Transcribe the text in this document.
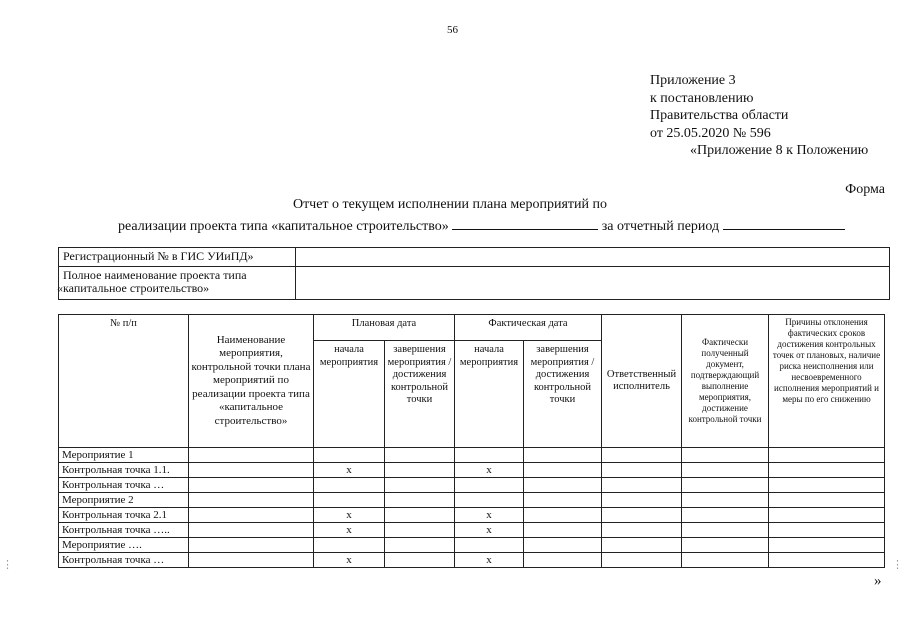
56
Приложение 3
к постановлению
Правительства области
от 25.05.2020 № 596
«Приложение 8 к Положению
Форма
Отчет о текущем исполнении плана мероприятий по
реализации проекта типа «капитальное строительство»	за отчетный период
Регистрационный № в ГИС УИиПД»	

Полное наименование проекта типа
«капитальное строительство»	

№ п/п	Наименование мероприятия, контрольной точки плана мероприятий по реализации проекта типа «капитальное строительство»	Плановая дата		Фактическая дата		Ответственный исполнитель	Фактически полученный документ, подтверждающий выполнение мероприятия, достижение контрольной точки	Причины отклонения фактических сроков достижения контрольных точек от плановых, наличие риска неисполнения или несвоевременного исполнения мероприятий и меры по его снижению
		начала мероприятия	завершения мероприятия / достижения контрольной точки	начала мероприятия	завершения мероприятия / достижения контрольной точки			
Мероприятие 1								
Контрольная точка 1.1.		х		х				
Контрольная точка …								
Мероприятие 2								
Контрольная точка 2.1		х		х				
Контрольная точка …..		х		х				
Мероприятие ….								
Контрольная точка …		х		х				
⋮	⋮
»
